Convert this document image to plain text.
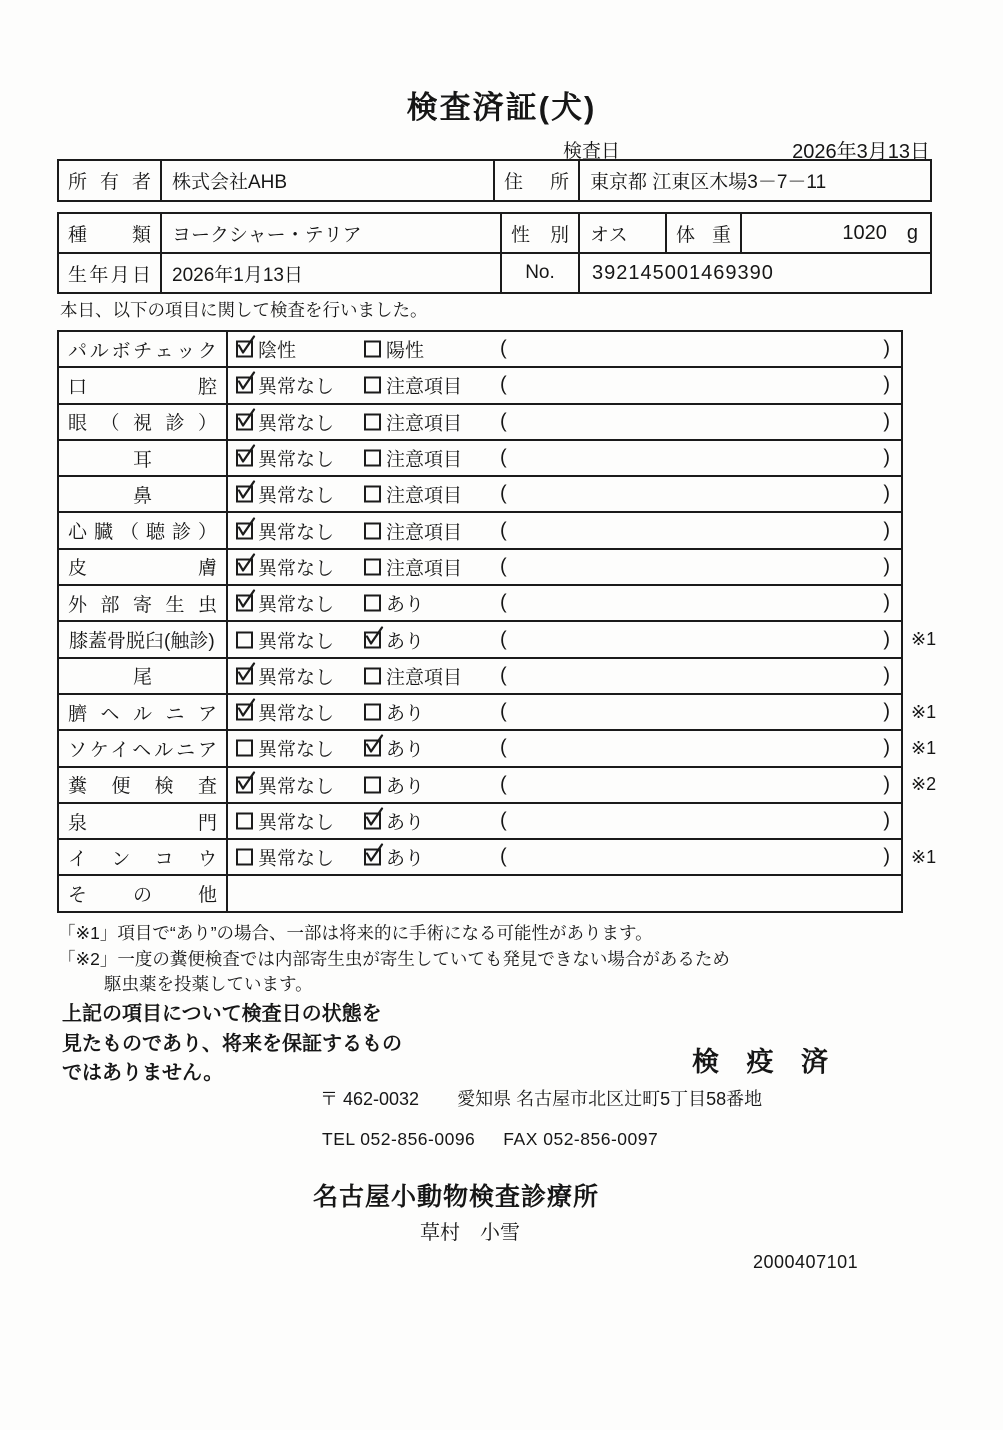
検査済証(犬)
検査日	2026年3月13日
所有者	株式会社AHB	住所	東京都 江東区木場3－7－11
種類	ヨークシャー・テリア	性別	オス	体重	1020 g

生年月日	2026年1月13日	No.	392145001469390		
本日、以下の項目に関して検査を行いました。
パルボチェック	陰性 陽性 ( )	

口腔	異常なし 注意項目 ( )	

眼（視診）	異常なし 注意項目 ( )	

耳	異常なし 注意項目 ( )	

鼻	異常なし 注意項目 ( )	

心臓（聴診）	異常なし 注意項目 ( )	

皮膚	異常なし 注意項目 ( )	

外部寄生虫	異常なし あり ( )	

膝蓋骨脱臼(触診)	異常なし あり ( )	※1

尾	異常なし 注意項目 ( )	

臍ヘルニア	異常なし あり ( )	※1

ソケイヘルニア	異常なし あり ( )	※1

糞便検査	異常なし あり ( )	※2

泉門	異常なし あり ( )	

インコウ	異常なし あり ( )	※1

その他

「※1」項目で“あり”の場合、一部は将来的に手術になる可能性があります。
「※2」一度の糞便検査では内部寄生虫が寄生していても発見できない場合があるため
駆虫薬を投薬しています。
上記の項目について検査日の状態を
見たものであり、将来を保証するもの
ではありません。	検 疫 済
〒 462-0032 愛知県 名古屋市北区辻町5丁目58番地
TEL 052-856-0096 FAX 052-856-0097
名古屋小動物検査診療所
草村　小雪
2000407101
